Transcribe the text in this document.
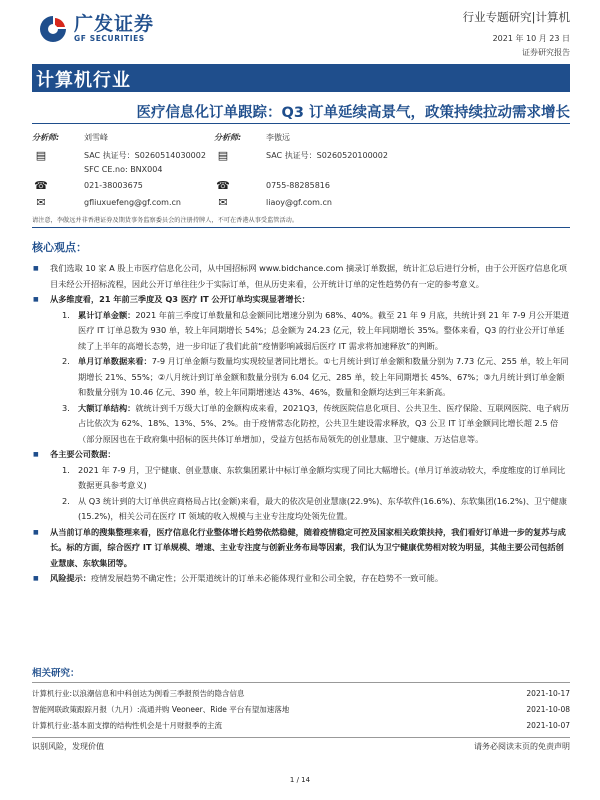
广发证券
GF SECURITIES
行业专题研究|计算机
2021 年 10 月 23 日
证券研究报告
计算机行业
医疗信息化订单跟踪：Q3 订单延续高景气，政策持续拉动需求增长
分析师:	刘雪峰
▤	SAC 执证号：S0260514030002
SFC CE.no: BNX004
☎	021-38003675
✉	gfliuxuefeng@gf.com.cn
分析师:	李傲远
▤	SAC 执证号：S0260520100002
☎	0755-88285816
✉	liaoy@gf.com.cn
请注意，李傲远并非香港证券及期货事务监察委员会的注册持牌人，不可在香港从事受监管活动。
核心观点：
■ 我们选取 10 家 A 股上市医疗信息化公司，从中国招标网 www.bidchance.com 摘录订单数据，统计汇总后进行分析，由于公开医疗信息化项目未经公开招标流程，因此公开订单往往少于实际订单，但从历史来看，公开统计订单的定性趋势仍有一定的参考意义。
■ 从多维度看，21 年前三季度及 Q3 医疗 IT 公开订单均实现显著增长：
1. 累计订单金额：2021 年前三季度订单数量和总金额同比增速分别为 68%、40%。截至 21 年 9 月底，共统计到 21 年 7-9 月公开渠道医疗 IT 订单总数为 930 单，较上年同期增长 54%；总金额为 24.23 亿元，较上年同期增长 35%。整体来看，Q3 的行业公开订单延续了上半年的高增长态势，进一步印证了我们此前“疫情影响减弱后医疗 IT 需求将加速释放”的判断。
2. 单月订单数据来看：7-9 月订单金额与数量均实现较显著同比增长。①七月统计到订单金额和数量分别为 7.73 亿元、255 单，较上年同期增长 21%、55%；②八月统计到订单金额和数量分别为 6.04 亿元、285 单，较上年同期增长 45%、67%；③九月统计到订单金额和数量分别为 10.46 亿元、390 单，较上年同期增速达 43%、46%，数量和金额均达到三年来新高。
3. 大额订单结构：就统计到千万级大订单的金额构成来看，2021Q3，传统医院信息化项目、公共卫生、医疗保险、互联网医院、电子病历占比依次为 62%、18%、13%、5%、2%。由于疫情常态化防控，公共卫生建设需求释放，Q3 公卫 IT 订单金额同比增长超 2.5 倍（部分原因也在于政府集中招标的医共体订单增加），受益方包括布局领先的创业慧康、卫宁健康、万达信息等。
■ 各主要公司数据：
1. 2021 年 7-9 月，卫宁健康、创业慧康、东软集团累计中标订单金额均实现了同比大幅增长。(单月订单波动较大，季度维度的订单同比数据更具参考意义)
2. 从 Q3 统计到的大订单供应商格局占比(金额)来看，最大的依次是创业慧康(22.9%)、东华软件(16.6%)、东软集团(16.2%)、卫宁健康(15.2%)，相关公司在医疗 IT 领域的收入规模与主业专注度均处领先位置。
■ 从当前订单的搜集整理来看，医疗信息化行业整体增长趋势依然稳健，随着疫情稳定可控及国家相关政策扶持，我们看好订单进一步的复苏与成长。标的方面，综合医疗 IT 订单规模、增速、主业专注度与创新业务布局等因素，我们认为卫宁健康优势相对较为明显，其他主要公司包括创业慧康、东软集团等。
■ 风险提示：疫情发展趋势不确定性；公开渠道统计的订单未必能体现行业和公司全貌，存在趋势不一致可能。
相关研究：
计算机行业:以浪潮信息和中科创达为例看三季报预告的隐含信息	2021-10-17
智能网联政策跟踪月报（九月）:高通并购 Veoneer、Ride 平台有望加速落地	2021-10-08
计算机行业:基本面支撑的结构性机会是十月财报季的主流	2021-10-07
识别风险，发现价值	请务必阅读末页的免责声明
1 / 14
